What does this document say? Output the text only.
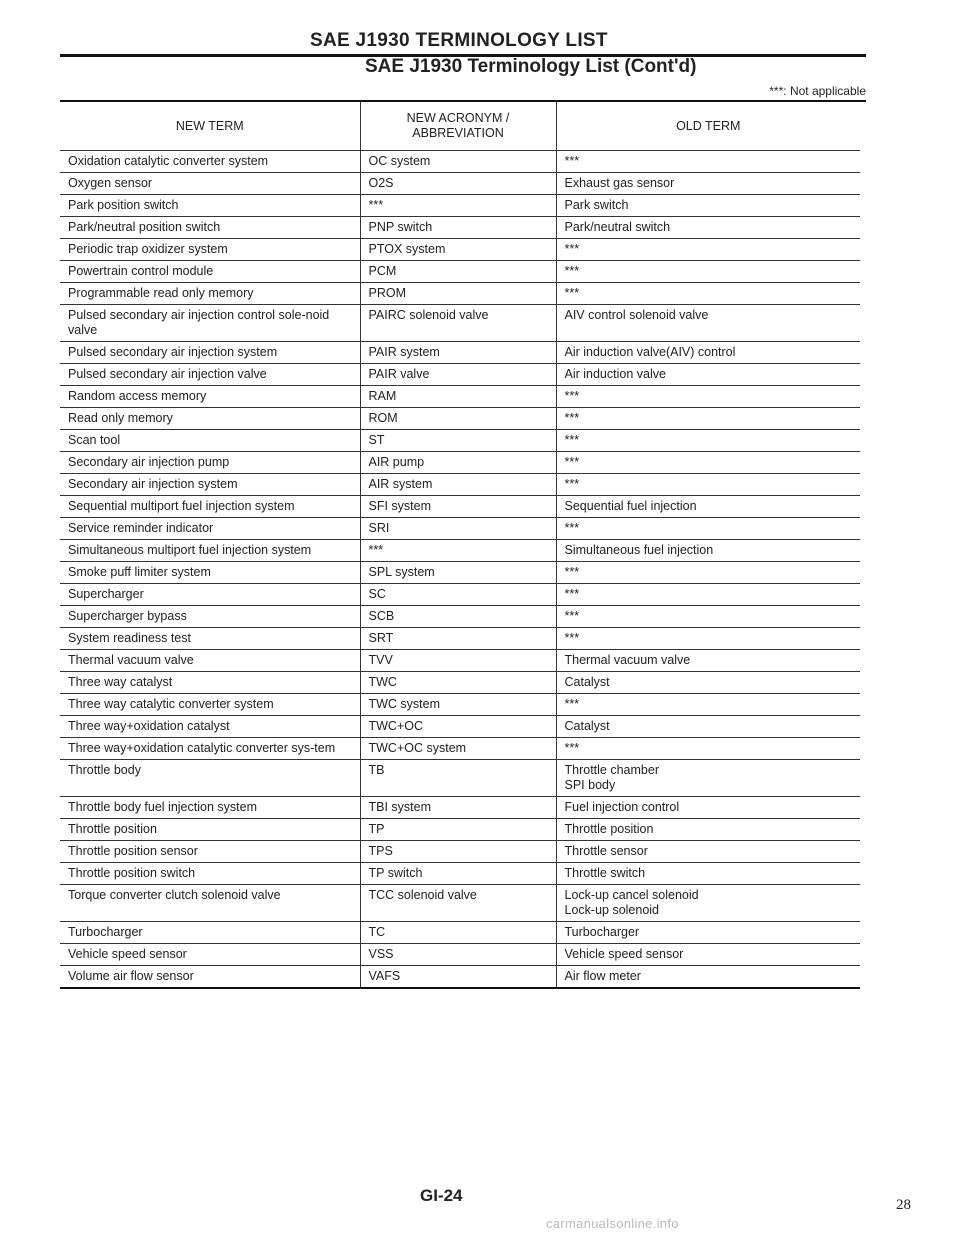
SAE J1930 TERMINOLOGY LIST
SAE J1930 Terminology List (Cont'd)
***: Not applicable
NEW TERM	NEW ACRONYM / ABBREVIATION	OLD TERM
Oxidation catalytic converter system	OC system	***
Oxygen sensor	O2S	Exhaust gas sensor
Park position switch	***	Park switch
Park/neutral position switch	PNP switch	Park/neutral switch
Periodic trap oxidizer system	PTOX system	***
Powertrain control module	PCM	***
Programmable read only memory	PROM	***
Pulsed secondary air injection control sole-noid valve	PAIRC solenoid valve	AIV control solenoid valve
Pulsed secondary air injection system	PAIR system	Air induction valve(AIV) control
Pulsed secondary air injection valve	PAIR valve	Air induction valve
Random access memory	RAM	***
Read only memory	ROM	***
Scan tool	ST	***
Secondary air injection pump	AIR pump	***
Secondary air injection system	AIR system	***
Sequential multiport fuel injection system	SFI system	Sequential fuel injection
Service reminder indicator	SRI	***
Simultaneous multiport fuel injection system	***	Simultaneous fuel injection
Smoke puff limiter system	SPL system	***
Supercharger	SC	***
Supercharger bypass	SCB	***
System readiness test	SRT	***
Thermal vacuum valve	TVV	Thermal vacuum valve
Three way catalyst	TWC	Catalyst
Three way catalytic converter system	TWC system	***
Three way+oxidation catalyst	TWC+OC	Catalyst
Three way+oxidation catalytic converter sys-tem	TWC+OC system	***
Throttle body	TB	Throttle chamber
SPI body
Throttle body fuel injection system	TBI system	Fuel injection control
Throttle position	TP	Throttle position
Throttle position sensor	TPS	Throttle sensor
Throttle position switch	TP switch	Throttle switch
Torque converter clutch solenoid valve	TCC solenoid valve	Lock-up cancel solenoid
Lock-up solenoid
Turbocharger	TC	Turbocharger
Vehicle speed sensor	VSS	Vehicle speed sensor
Volume air flow sensor	VAFS	Air flow meter
GI-24	28
carmanualsonline.info
